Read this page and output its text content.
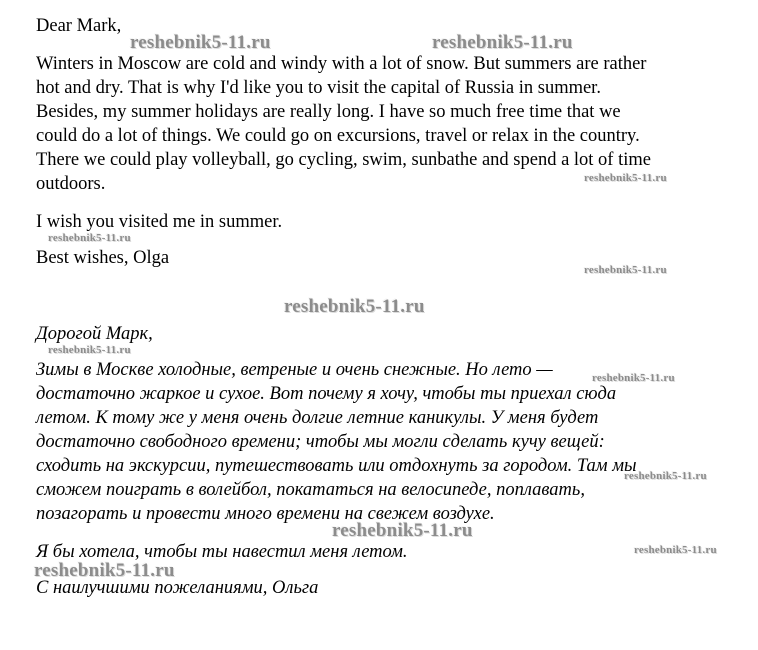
Dear Mark,
Winters in Moscow are cold and windy with a lot of snow. But summers are rather
hot and dry. That is why I'd like you to visit the capital of Russia in summer.
Besides, my summer holidays are really long. I have so much free time that we
could do a lot of things. We could go on excursions, travel or relax in the country.
There we could play volleyball, go cycling, swim, sunbathe and spend a lot of time
outdoors.
I wish you visited me in summer.
Best wishes, Olga
Дорогой Марк,
Зимы в Москве холодные, ветреные и очень снежные. Но лето —
достаточно жаркое и сухое. Вот почему я хочу, чтобы ты приехал сюда
летом. К тому же у меня очень долгие летние каникулы. У меня будет
достаточно свободного времени; чтобы мы могли сделать кучу вещей:
сходить на экскурсии, путешествовать или отдохнуть за городом. Там мы
сможем поиграть в волейбол, покататься на велосипеде, поплавать,
позагорать и провести много времени на свежем воздухе.
Я бы хотела, чтобы ты навестил меня летом.
С наилучшими пожеланиями, Ольга
reshebnik5-11.ru	reshebnik5-11.ru
reshebnik5-11.ru
reshebnik5-11.ru
reshebnik5-11.ru
reshebnik5-11.ru
reshebnik5-11.ru
reshebnik5-11.ru
reshebnik5-11.ru
reshebnik5-11.ru
reshebnik5-11.ru
reshebnik5-11.ru
